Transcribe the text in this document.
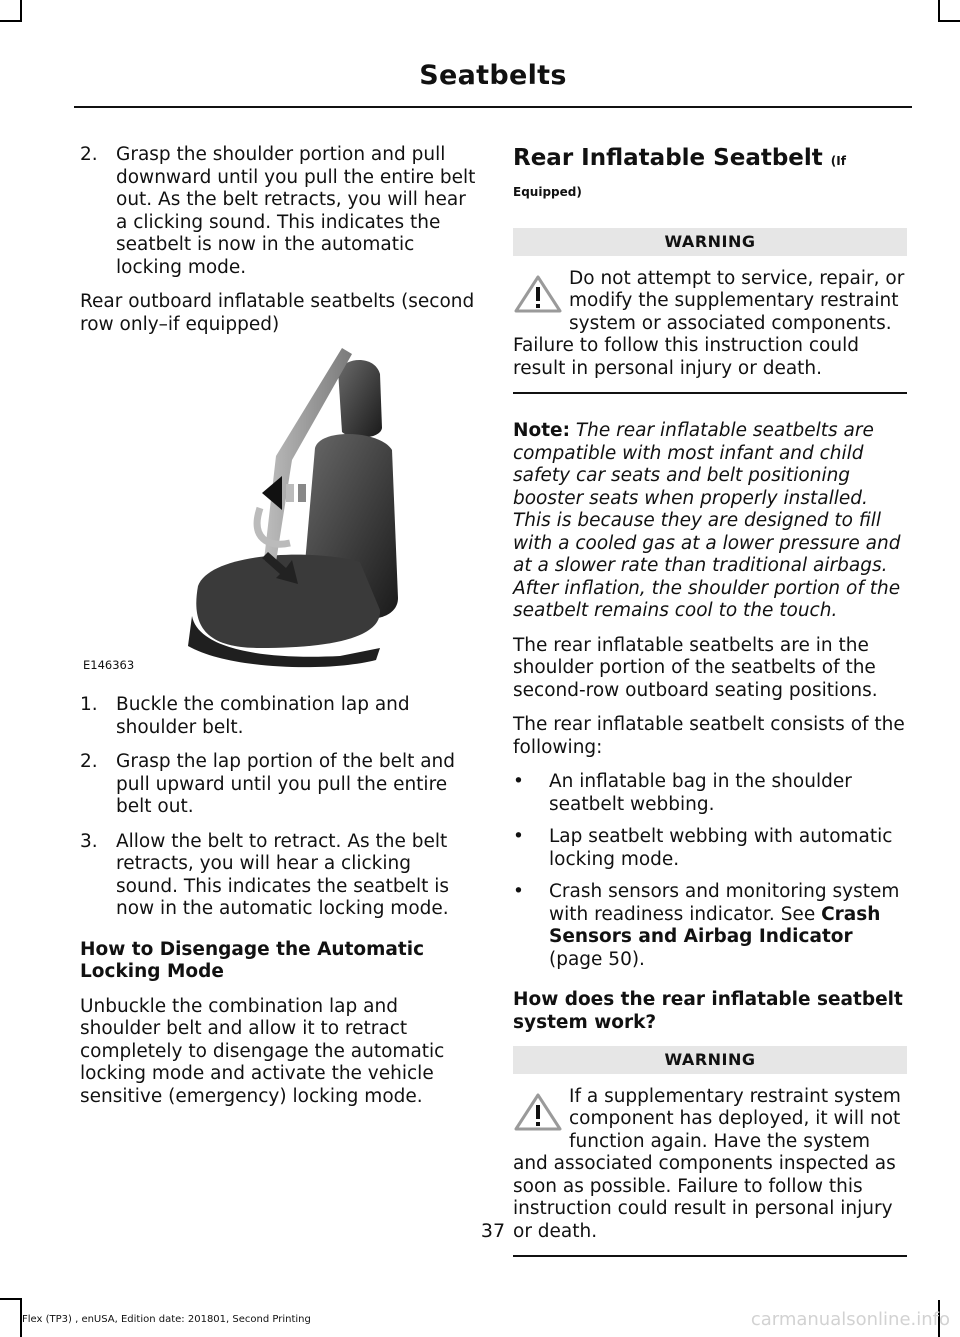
Seatbelts
2. Grasp the shoulder portion and pull downward until you pull the entire belt out. As the belt retracts, you will hear a clicking sound. This indicates the seatbelt is now in the automatic locking mode.

Rear outboard inflatable seatbelts (second row only–if equipped)

E146363
1. Buckle the combination lap and shoulder belt.
2. Grasp the lap portion of the belt and pull upward until you pull the entire belt out.
3. Allow the belt to retract. As the belt retracts, you will hear a clicking sound. This indicates the seatbelt is now in the automatic locking mode.
How to Disengage the Automatic Locking Mode

Unbuckle the combination lap and shoulder belt and allow it to retract completely to disengage the automatic locking mode and activate the vehicle sensitive (emergency) locking mode.

Rear Inflatable Seatbelt (If Equipped)
WARNING
Do not attempt to service, repair, or modify the supplementary restraint system or associated components. Failure to follow this instruction could result in personal injury or death.

Note: The rear inflatable seatbelts are compatible with most infant and child safety car seats and belt positioning booster seats when properly installed. This is because they are designed to fill with a cooled gas at a lower pressure and at a slower rate than traditional airbags. After inflation, the shoulder portion of the seatbelt remains cool to the touch.

The rear inflatable seatbelts are in the shoulder portion of the seatbelts of the second-row outboard seating positions.

The rear inflatable seatbelt consists of the following:

• An inflatable bag in the shoulder seatbelt webbing.
• Lap seatbelt webbing with automatic locking mode.
• Crash sensors and monitoring system with readiness indicator. See Crash Sensors and Airbag Indicator (page 50).
How does the rear inflatable seatbelt system work?
WARNING
If a supplementary restraint system component has deployed, it will not function again. Have the system and associated components inspected as soon as possible. Failure to follow this instruction could result in personal injury or death.
37
Flex (TP3) , enUSA, Edition date: 201801, Second Printing	carmanualsonline.info
